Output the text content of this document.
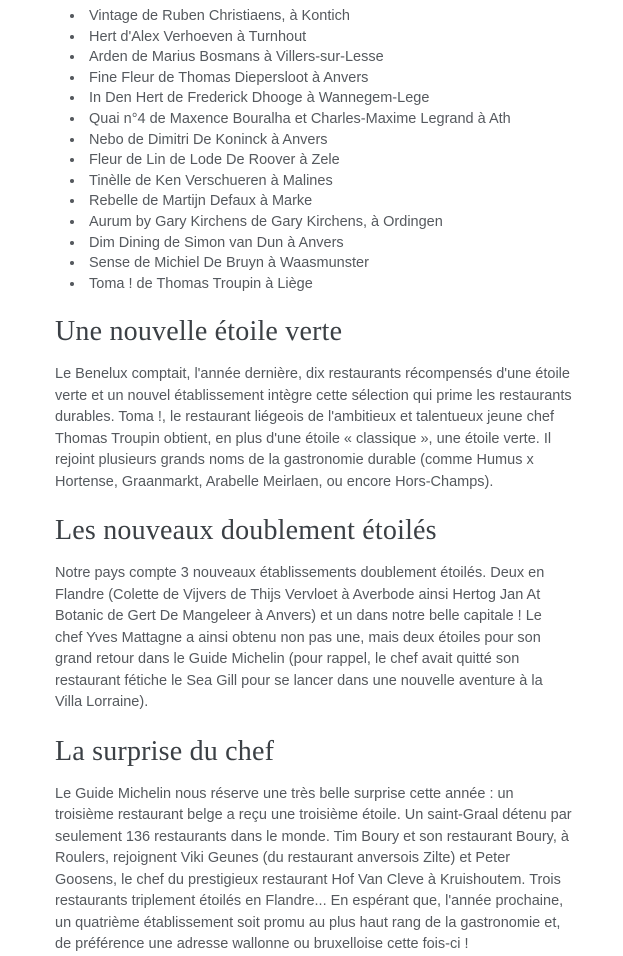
• Vintage de Ruben Christiaens, à Kontich
• Hert d'Alex Verhoeven à Turnhout
• Arden de Marius Bosmans à Villers-sur-Lesse
• Fine Fleur de Thomas Diepersloot à Anvers
• In Den Hert de Frederick Dhooge à Wannegem-Lege
• Quai n°4 de Maxence Bouralha et Charles-Maxime Legrand à Ath
• Nebo de Dimitri De Koninck à Anvers
• Fleur de Lin de Lode De Roover à Zele
• Tinèlle de Ken Verschueren à Malines
• Rebelle de Martijn Defaux à Marke
• Aurum by Gary Kirchens de Gary Kirchens, à Ordingen
• Dim Dining de Simon van Dun à Anvers
• Sense de Michiel De Bruyn à Waasmunster
• Toma ! de Thomas Troupin à Liège
Une nouvelle étoile verte

Le Benelux comptait, l'année dernière, dix restaurants récompensés d'une étoile verte et un nouvel établissement intègre cette sélection qui prime les restaurants durables. Toma !, le restaurant liégeois de l'ambitieux et talentueux jeune chef Thomas Troupin obtient, en plus d'une étoile « classique », une étoile verte. Il rejoint plusieurs grands noms de la gastronomie durable (comme Humus x Hortense, Graanmarkt, Arabelle Meirlaen, ou encore Hors-Champs).

Les nouveaux doublement étoilés

Notre pays compte 3 nouveaux établissements doublement étoilés. Deux en Flandre (Colette de Vijvers de Thijs Vervloet à Averbode ainsi Hertog Jan At Botanic de Gert De Mangeleer à Anvers) et un dans notre belle capitale ! Le chef Yves Mattagne a ainsi obtenu non pas une, mais deux étoiles pour son grand retour dans le Guide Michelin (pour rappel, le chef avait quitté son restaurant fétiche le Sea Gill pour se lancer dans une nouvelle aventure à la Villa Lorraine).

La surprise du chef

Le Guide Michelin nous réserve une très belle surprise cette année : un troisième restaurant belge a reçu une troisième étoile. Un saint-Graal détenu par seulement 136 restaurants dans le monde. Tim Boury et son restaurant Boury, à Roulers, rejoignent Viki Geunes (du restaurant anversois Zilte) et Peter Goosens, le chef du prestigieux restaurant Hof Van Cleve à Kruishoutem. Trois restaurants triplement étoilés en Flandre... En espérant que, l'année prochaine, un quatrième établissement soit promu au plus haut rang de la gastronomie et, de préférence une adresse wallonne ou bruxelloise cette fois-ci !
